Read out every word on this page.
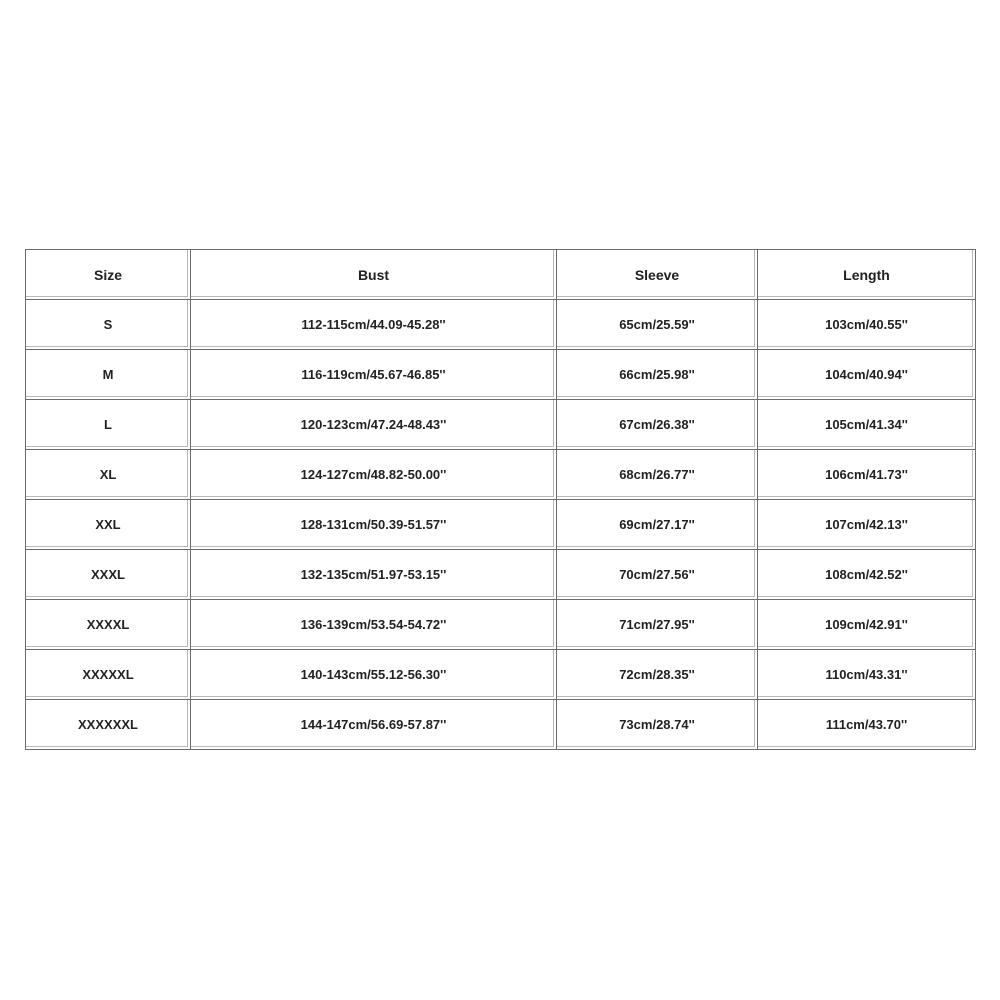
Size	Bust	Sleeve	Length
S	112-115cm/44.09-45.28''	65cm/25.59''	103cm/40.55''
M	116-119cm/45.67-46.85''	66cm/25.98''	104cm/40.94''
L	120-123cm/47.24-48.43''	67cm/26.38''	105cm/41.34''
XL	124-127cm/48.82-50.00''	68cm/26.77''	106cm/41.73''
XXL	128-131cm/50.39-51.57''	69cm/27.17''	107cm/42.13''
XXXL	132-135cm/51.97-53.15''	70cm/27.56''	108cm/42.52''
XXXXL	136-139cm/53.54-54.72''	71cm/27.95''	109cm/42.91''
XXXXXL	140-143cm/55.12-56.30''	72cm/28.35''	110cm/43.31''
XXXXXXL	144-147cm/56.69-57.87''	73cm/28.74''	111cm/43.70''
